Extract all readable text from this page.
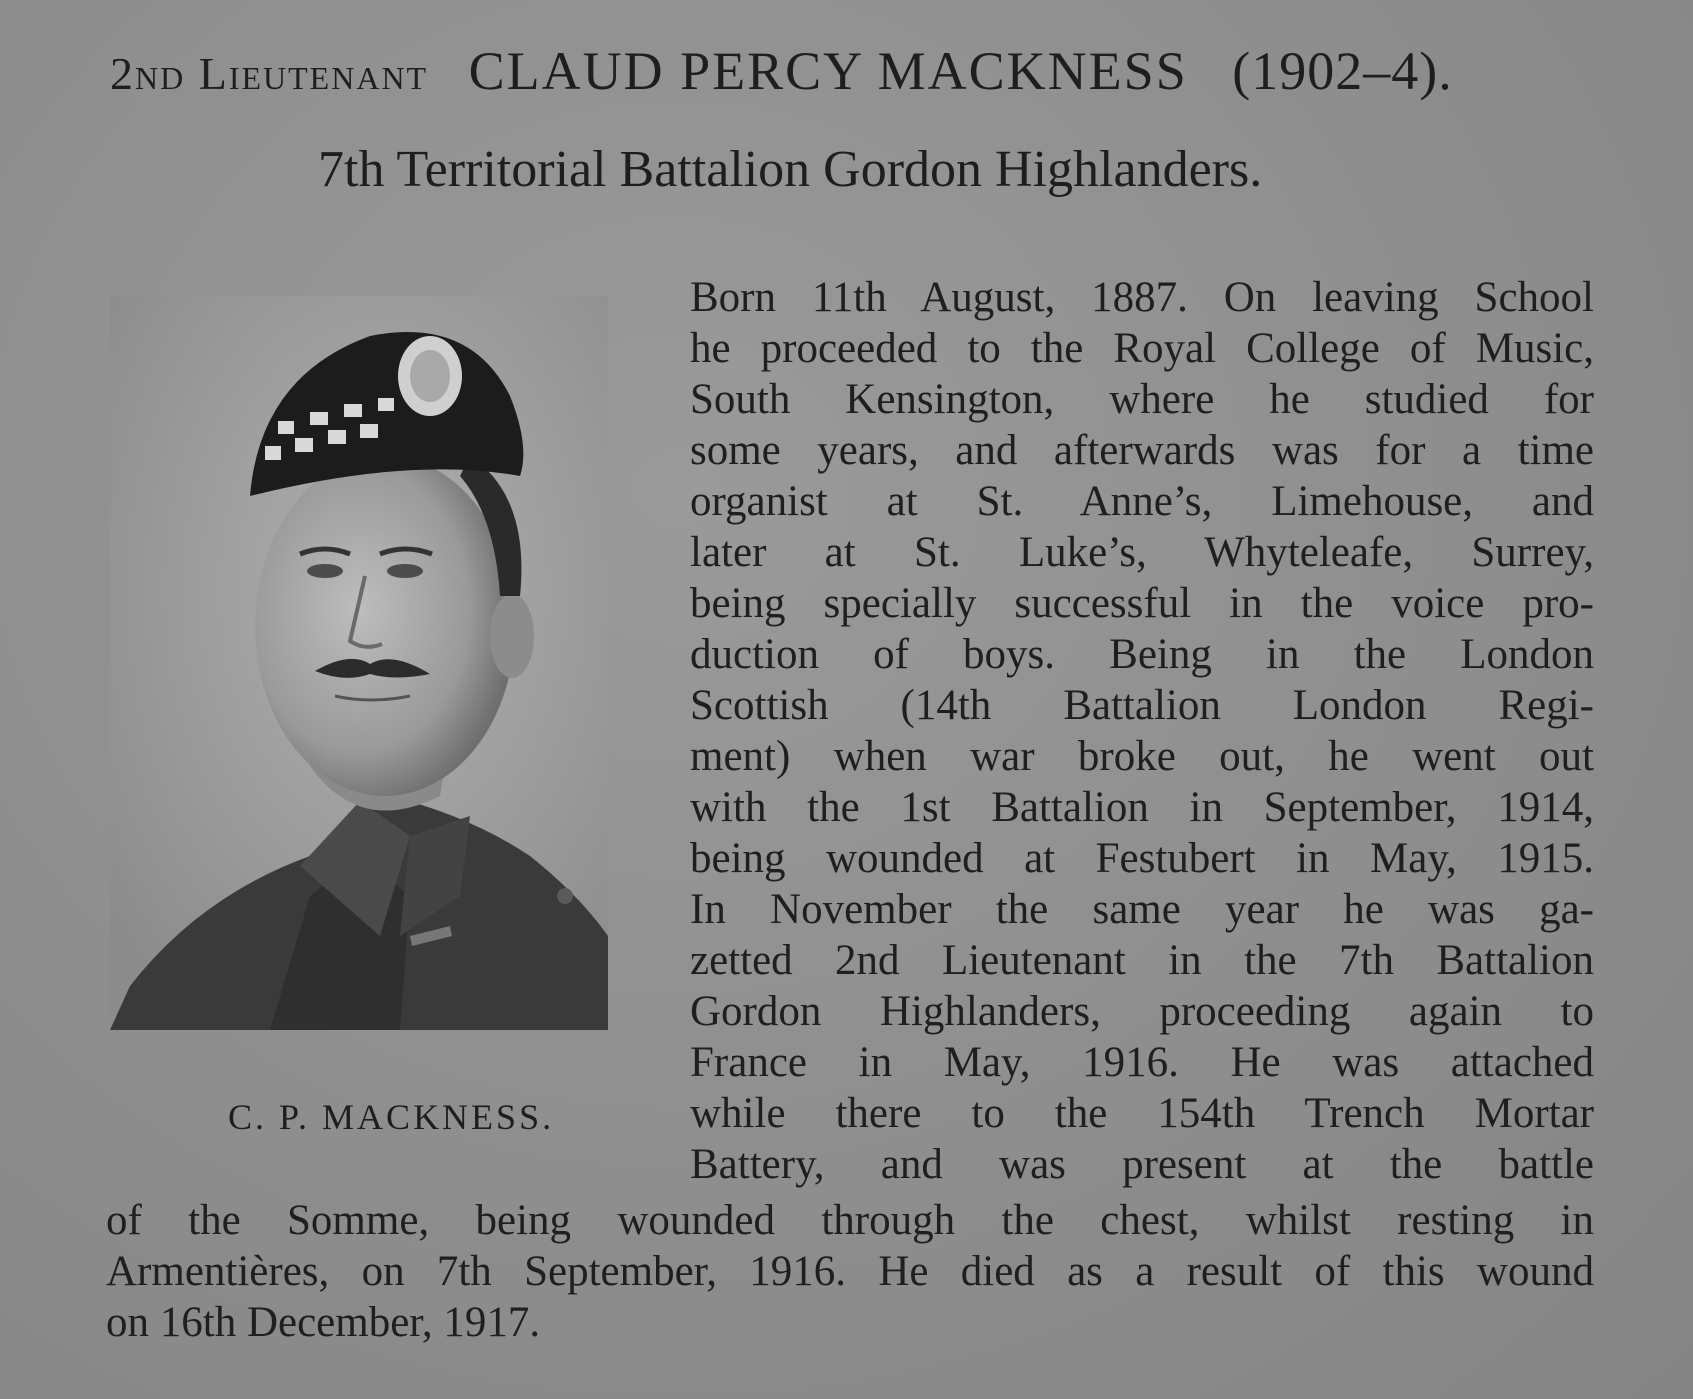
2nd Lieutenant CLAUD PERCY MACKNESS (1902–4).
7th Territorial Battalion Gordon Highlanders.
C. P. MACKNESS.
Born 11th August, 1887. On leaving School
he proceeded to the Royal College of Music,
South Kensington, where he studied for
some years, and afterwards was for a time
organist at St. Anne’s, Limehouse, and
later at St. Luke’s, Whyteleafe, Surrey,
being specially successful in the voice pro-
duction of boys. Being in the London
Scottish (14th Battalion London Regi-
ment) when war broke out, he went out
with the 1st Battalion in September, 1914,
being wounded at Festubert in May, 1915.
In November the same year he was ga-
zetted 2nd Lieutenant in the 7th Battalion
Gordon Highlanders, proceeding again to
France in May, 1916. He was attached
while there to the 154th Trench Mortar
Battery, and was present at the battle
of the Somme, being wounded through the chest, whilst resting in
Armentières, on 7th September, 1916. He died as a result of this wound
on 16th December, 1917.
